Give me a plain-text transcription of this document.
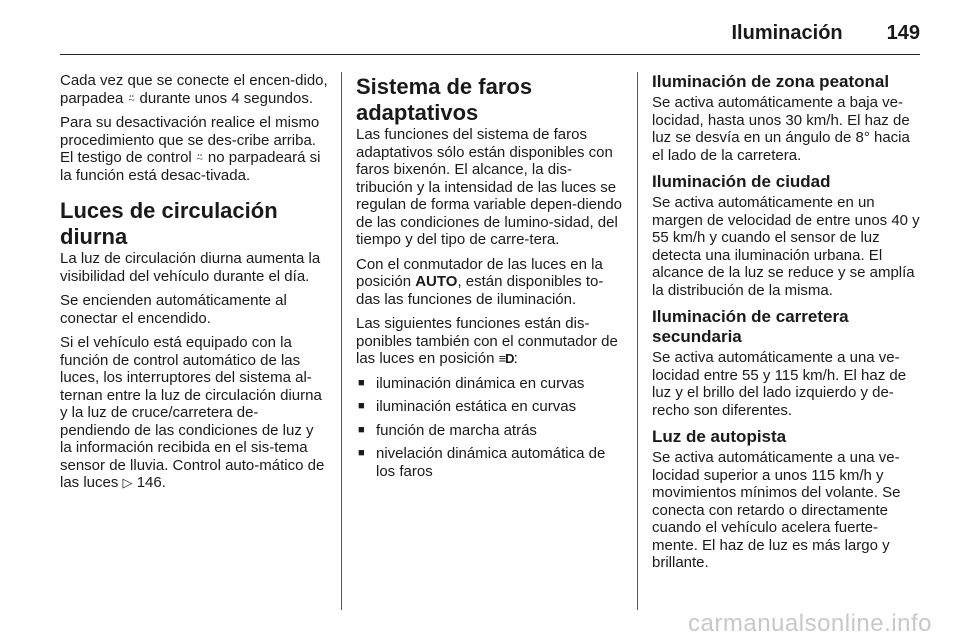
Iluminación 149

Cada vez que se conecte el encen-dido, parpadea ⍨ durante unos 4 segundos.

Para su desactivación realice el mismo procedimiento que se des-cribe arriba. El testigo de control ⍨ no parpadeará si la función está desac-tivada.

Luces de circulación diurna

La luz de circulación diurna aumenta la visibilidad del vehículo durante el día.

Se encienden automáticamente al conectar el encendido.

Si el vehículo está equipado con la función de control automático de las luces, los interruptores del sistema al-ternan entre la luz de circulación diurna y la luz de cruce/carretera de-pendiendo de las condiciones de luz y la información recibida en el sis-tema sensor de lluvia. Control auto-mático de las luces ▷ 146.

Sistema de faros adaptativos

Las funciones del sistema de faros adaptativos sólo están disponibles con faros bixenón. El alcance, la dis-tribución y la intensidad de las luces se regulan de forma variable depen-diendo de las condiciones de lumino-sidad, del tiempo y del tipo de carre-tera.

Con el conmutador de las luces en la posición AUTO, están disponibles to-das las funciones de iluminación.

Las siguientes funciones están dis-ponibles también con el conmutador de las luces en posición ≡D:

■ iluminación dinámica en curvas
■ iluminación estática en curvas
■ función de marcha atrás
■ nivelación dinámica automática de los faros
Iluminación de zona peatonal

Se activa automáticamente a baja ve-locidad, hasta unos 30 km/h. El haz de luz se desvía en un ángulo de 8° hacia el lado de la carretera.

Iluminación de ciudad

Se activa automáticamente en un margen de velocidad de entre unos 40 y 55 km/h y cuando el sensor de luz detecta una iluminación urbana. El alcance de la luz se reduce y se amplía la distribución de la misma.

Iluminación de carretera secundaria

Se activa automáticamente a una ve-locidad entre 55 y 115 km/h. El haz de luz y el brillo del lado izquierdo y de-recho son diferentes.

Luz de autopista

Se activa automáticamente a una ve-locidad superior a unos 115 km/h y movimientos mínimos del volante. Se conecta con retardo o directamente cuando el vehículo acelera fuerte-mente. El haz de luz es más largo y brillante.

carmanualsonline.info
